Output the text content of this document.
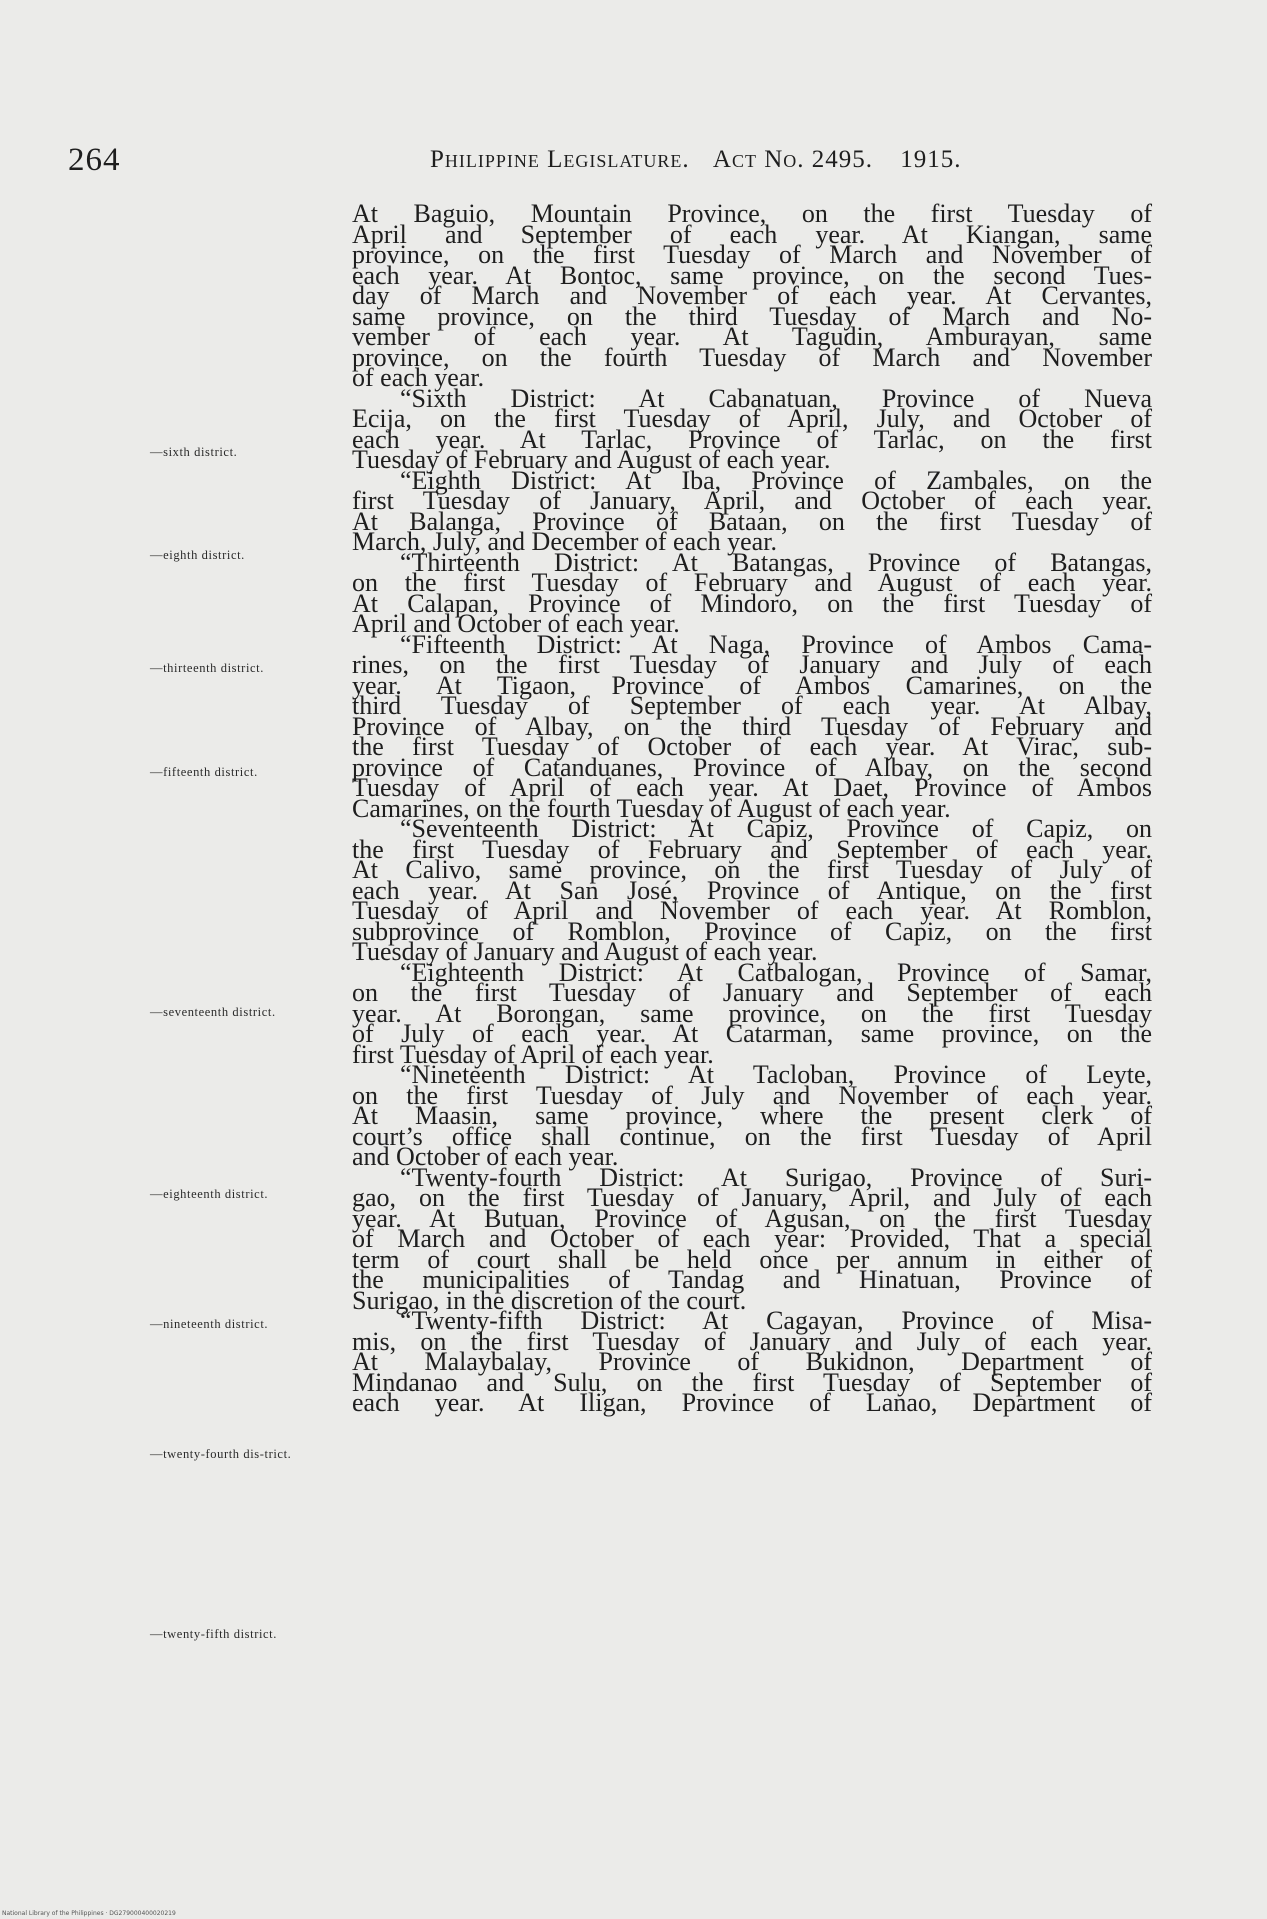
264	Philippine Legislature. Act No. 2495. 1915.
—sixth district.
—eighth district.
—thirteenth district.
—fifteenth district.
—seventeenth district.
—eighteenth district.
—nineteenth district.
—twenty-fourth dis-trict.
—twenty-fifth district.
At Baguio, Mountain Province, on the first Tuesday of
April and September of each year. At Kiangan, same
province, on the first Tuesday of March and November of
each year. At Bontoc, same province, on the second Tues-
day of March and November of each year. At Cervantes,
same province, on the third Tuesday of March and No-
vember of each year. At Tagudin, Amburayan, same
province, on the fourth Tuesday of March and November
of each year.
“Sixth District: At Cabanatuan, Province of Nueva
Ecija, on the first Tuesday of April, July, and October of
each year. At Tarlac, Province of Tarlac, on the first
Tuesday of February and August of each year.
“Eighth District: At Iba, Province of Zambales, on the
first Tuesday of January, April, and October of each year.
At Balanga, Province of Bataan, on the first Tuesday of
March, July, and December of each year.
“Thirteenth District: At Batangas, Province of Batangas,
on the first Tuesday of February and August of each year.
At Calapan, Province of Mindoro, on the first Tuesday of
April and October of each year.
“Fifteenth District: At Naga, Province of Ambos Cama-
rines, on the first Tuesday of January and July of each
year. At Tigaon, Province of Ambos Camarines, on the
third Tuesday of September of each year. At Albay,
Province of Albay, on the third Tuesday of February and
the first Tuesday of October of each year. At Virac, sub-
province of Catanduanes, Province of Albay, on the second
Tuesday of April of each year. At Daet, Province of Ambos
Camarines, on the fourth Tuesday of August of each year.
“Seventeenth District: At Capiz, Province of Capiz, on
the first Tuesday of February and September of each year.
At Calivo, same province, on the first Tuesday of July of
each year. At San José, Province of Antique, on the first
Tuesday of April and November of each year. At Romblon,
subprovince of Romblon, Province of Capiz, on the first
Tuesday of January and August of each year.
“Eighteenth District: At Catbalogan, Province of Samar,
on the first Tuesday of January and September of each
year. At Borongan, same province, on the first Tuesday
of July of each year. At Catarman, same province, on the
first Tuesday of April of each year.
“Nineteenth District: At Tacloban, Province of Leyte,
on the first Tuesday of July and November of each year.
At Maasin, same province, where the present clerk of
court’s office shall continue, on the first Tuesday of April
and October of each year.
“Twenty-fourth District: At Surigao, Province of Suri-
gao, on the first Tuesday of January, April, and July of each
year. At Butuan, Province of Agusan, on the first Tuesday
of March and October of each year: Provided, That a special
term of court shall be held once per annum in either of
the municipalities of Tandag and Hinatuan, Province of
Surigao, in the discretion of the court.
“Twenty-fifth District: At Cagayan, Province of Misa-
mis, on the first Tuesday of January and July of each year.
At Malaybalay, Province of Bukidnon, Department of
Mindanao and Sulu, on the first Tuesday of September of
each year. At Iligan, Province of Lanao, Department of
National Library of the Philippines · DG279000400020219
